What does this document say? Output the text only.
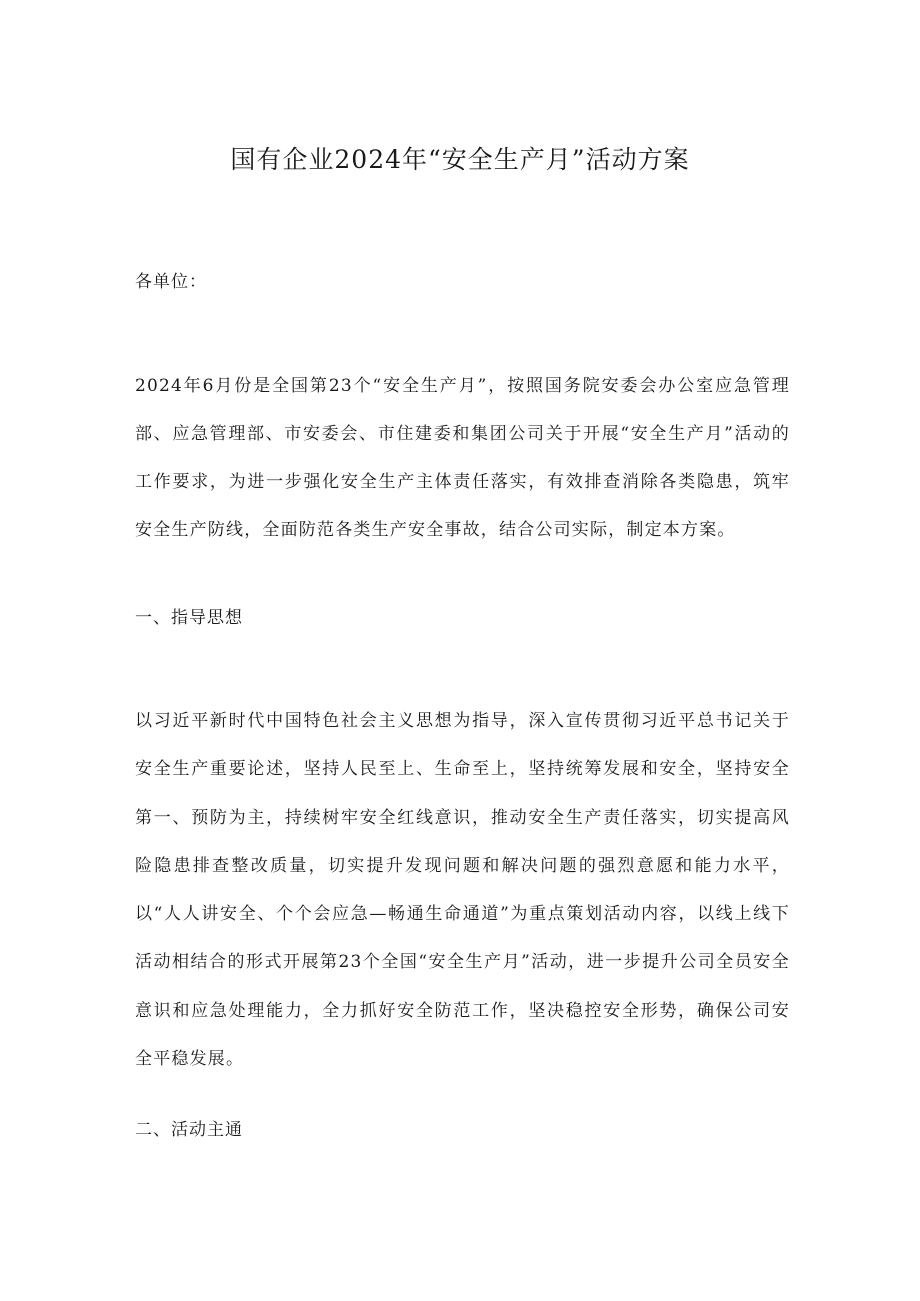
国有企业2024年“安全生产月”活动方案
各单位：

2024年6月份是全国第23个“安全生产月”，按照国务院安委会办公室应急管理部、应急管理部、市安委会、市住建委和集团公司关于开展“安全生产月”活动的工作要求，为进一步强化安全生产主体责任落实，有效排查消除各类隐患，筑牢安全生产防线，全面防范各类生产安全事故，结合公司实际，制定本方案。

一、指导思想

以习近平新时代中国特色社会主义思想为指导，深入宣传贯彻习近平总书记关于安全生产重要论述，坚持人民至上、生命至上，坚持统筹发展和安全，坚持安全第一、预防为主，持续树牢安全红线意识，推动安全生产责任落实，切实提高风险隐患排查整改质量，切实提升发现问题和解决问题的强烈意愿和能力水平，以“人人讲安全、个个会应急—畅通生命通道”为重点策划活动内容，以线上线下活动相结合的形式开展第23个全国“安全生产月”活动，进一步提升公司全员安全意识和应急处理能力，全力抓好安全防范工作，坚决稳控安全形势，确保公司安全平稳发展。

二、活动主通
